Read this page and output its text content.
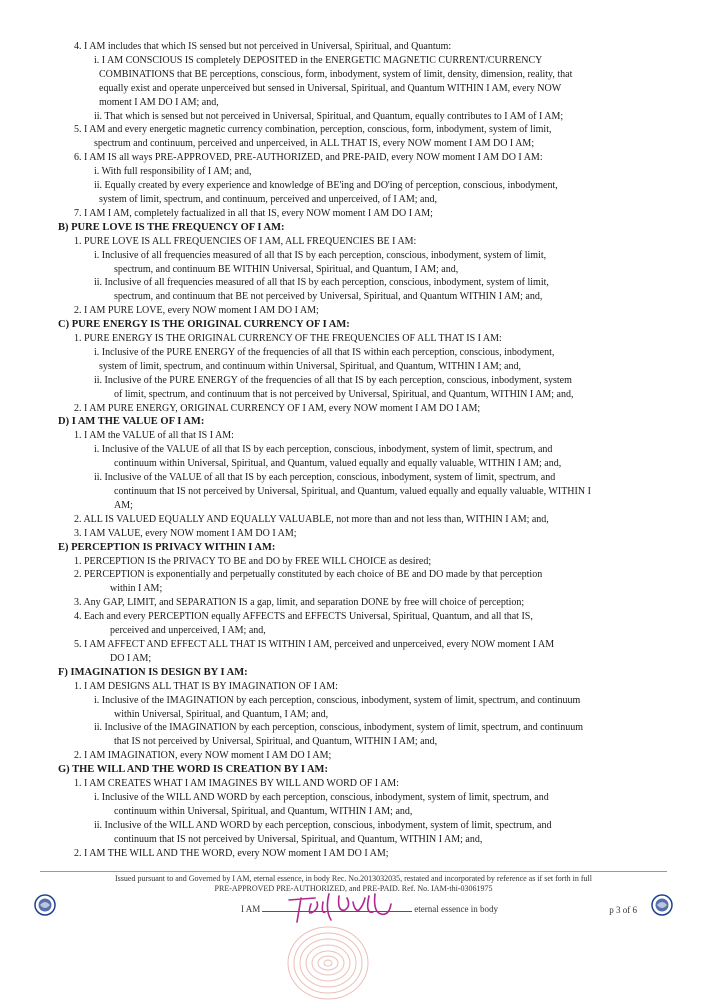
4. I AM includes that which IS sensed but not perceived in Universal, Spiritual, and Quantum:
i. I AM CONSCIOUS IS completely DEPOSITED in the ENERGETIC MAGNETIC CURRENT/CURRENCY
COMBINATIONS that BE perceptions, conscious, form, inbodyment, system of limit, density, dimension, reality, that
equally exist and operate unperceived but sensed in Universal, Spiritual, and Quantum WITHIN I AM, every NOW
moment I AM DO I AM; and,
ii. That which is sensed but not perceived in Universal, Spiritual, and Quantum, equally contributes to I AM of I AM;
5. I AM and every energetic magnetic currency combination, perception, conscious, form, inbodyment, system of limit,
spectrum and continuum, perceived and unperceived, in ALL THAT IS, every NOW moment I AM DO I AM;
6. I AM IS all ways PRE-APPROVED, PRE-AUTHORIZED, and PRE-PAID, every NOW moment I AM DO I AM:
i. With full responsibility of I AM; and,
ii. Equally created by every experience and knowledge of BE'ing and DO'ing of perception, conscious, inbodyment,
system of limit, spectrum, and continuum, perceived and unperceived, of I AM; and,
7. I AM I AM, completely factualized in all that IS, every NOW moment I AM DO I AM;
B) PURE LOVE IS THE FREQUENCY OF I AM:
1. PURE LOVE IS ALL FREQUENCIES OF I AM, ALL FREQUENCIES BE I AM:
i. Inclusive of all frequencies measured of all that IS by each perception, conscious, inbodyment, system of limit,
spectrum, and continuum BE WITHIN Universal, Spiritual, and Quantum, I AM; and,
ii. Inclusive of all frequencies measured of all that IS by each perception, conscious, inbodyment, system of limit,
spectrum, and continuum that BE not perceived by Universal, Spiritual, and Quantum WITHIN I AM; and,
2. I AM PURE LOVE, every NOW moment I AM DO I AM;
C) PURE ENERGY IS THE ORIGINAL CURRENCY OF I AM:
1. PURE ENERGY IS THE ORIGINAL CURRENCY OF THE FREQUENCIES OF ALL THAT IS I AM:
i. Inclusive of the PURE ENERGY of the frequencies of all that IS within each perception, conscious, inbodyment,
system of limit, spectrum, and continuum within Universal, Spiritual, and Quantum, WITHIN I AM; and,
ii. Inclusive of the PURE ENERGY of the frequencies of all that IS by each perception, conscious, inbodyment, system
of limit, spectrum, and continuum that is not perceived by Universal, Spiritual, and Quantum, WITHIN I AM; and,
2. I AM PURE ENERGY, ORIGINAL CURRENCY OF I AM, every NOW moment I AM DO I AM;
D) I AM THE VALUE OF I AM:
1. I AM the VALUE of all that IS I AM:
i. Inclusive of the VALUE of all that IS by each perception, conscious, inbodyment, system of limit, spectrum, and
continuum within Universal, Spiritual, and Quantum, valued equally and equally valuable, WITHIN I AM; and,
ii. Inclusive of the VALUE of all that IS by each perception, conscious, inbodyment, system of limit, spectrum, and
continuum that IS not perceived by Universal, Spiritual, and Quantum, valued equally and equally valuable, WITHIN I
AM;
2. ALL IS VALUED EQUALLY AND EQUALLY VALUABLE, not more than and not less than, WITHIN I AM; and,
3. I AM VALUE, every NOW moment I AM DO I AM;
E) PERCEPTION IS PRIVACY WITHIN I AM:
1. PERCEPTION IS the PRIVACY TO BE and DO by FREE WILL CHOICE as desired;
2. PERCEPTION is exponentially and perpetually constituted by each choice of BE and DO made by that perception
within I AM;
3. Any GAP, LIMIT, and SEPARATION IS a gap, limit, and separation DONE by free will choice of perception;
4. Each and every PERCEPTION equally AFFECTS and EFFECTS Universal, Spiritual, Quantum, and all that IS,
perceived and unperceived, I AM; and,
5. I AM AFFECT AND EFFECT ALL THAT IS WITHIN I AM, perceived and unperceived, every NOW moment I AM
DO I AM;
F) IMAGINATION IS DESIGN BY I AM:
1. I AM DESIGNS ALL THAT IS BY IMAGINATION OF I AM:
i. Inclusive of the IMAGINATION by each perception, conscious, inbodyment, system of limit, spectrum, and continuum
within Universal, Spiritual, and Quantum, I AM; and,
ii. Inclusive of the IMAGINATION by each perception, conscious, inbodyment, system of limit, spectrum, and continuum
that IS not perceived by Universal, Spiritual, and Quantum, WITHIN I AM; and,
2. I AM IMAGINATION, every NOW moment I AM DO I AM;
G) THE WILL AND THE WORD IS CREATION BY I AM:
1. I AM CREATES WHAT I AM IMAGINES BY WILL AND WORD OF I AM:
i. Inclusive of the WILL AND WORD by each perception, conscious, inbodyment, system of limit, spectrum, and
continuum within Universal, Spiritual, and Quantum, WITHIN I AM; and,
ii. Inclusive of the WILL AND WORD by each perception, conscious, inbodyment, system of limit, spectrum, and
continuum that IS not perceived by Universal, Spiritual, and Quantum, WITHIN I AM; and,
2. I AM THE WILL AND THE WORD, every NOW moment I AM DO I AM;
Issued pursuant to and Governed by I AM, eternal essence, in body Rec. No.2013032035, restated and incorporated by reference as if set forth in full
PRE-APPROVED PRE-AUTHORIZED, and PRE-PAID. Ref. No. IAM-thi-03061975
I AM	eternal essence in body	p 3 of 6
